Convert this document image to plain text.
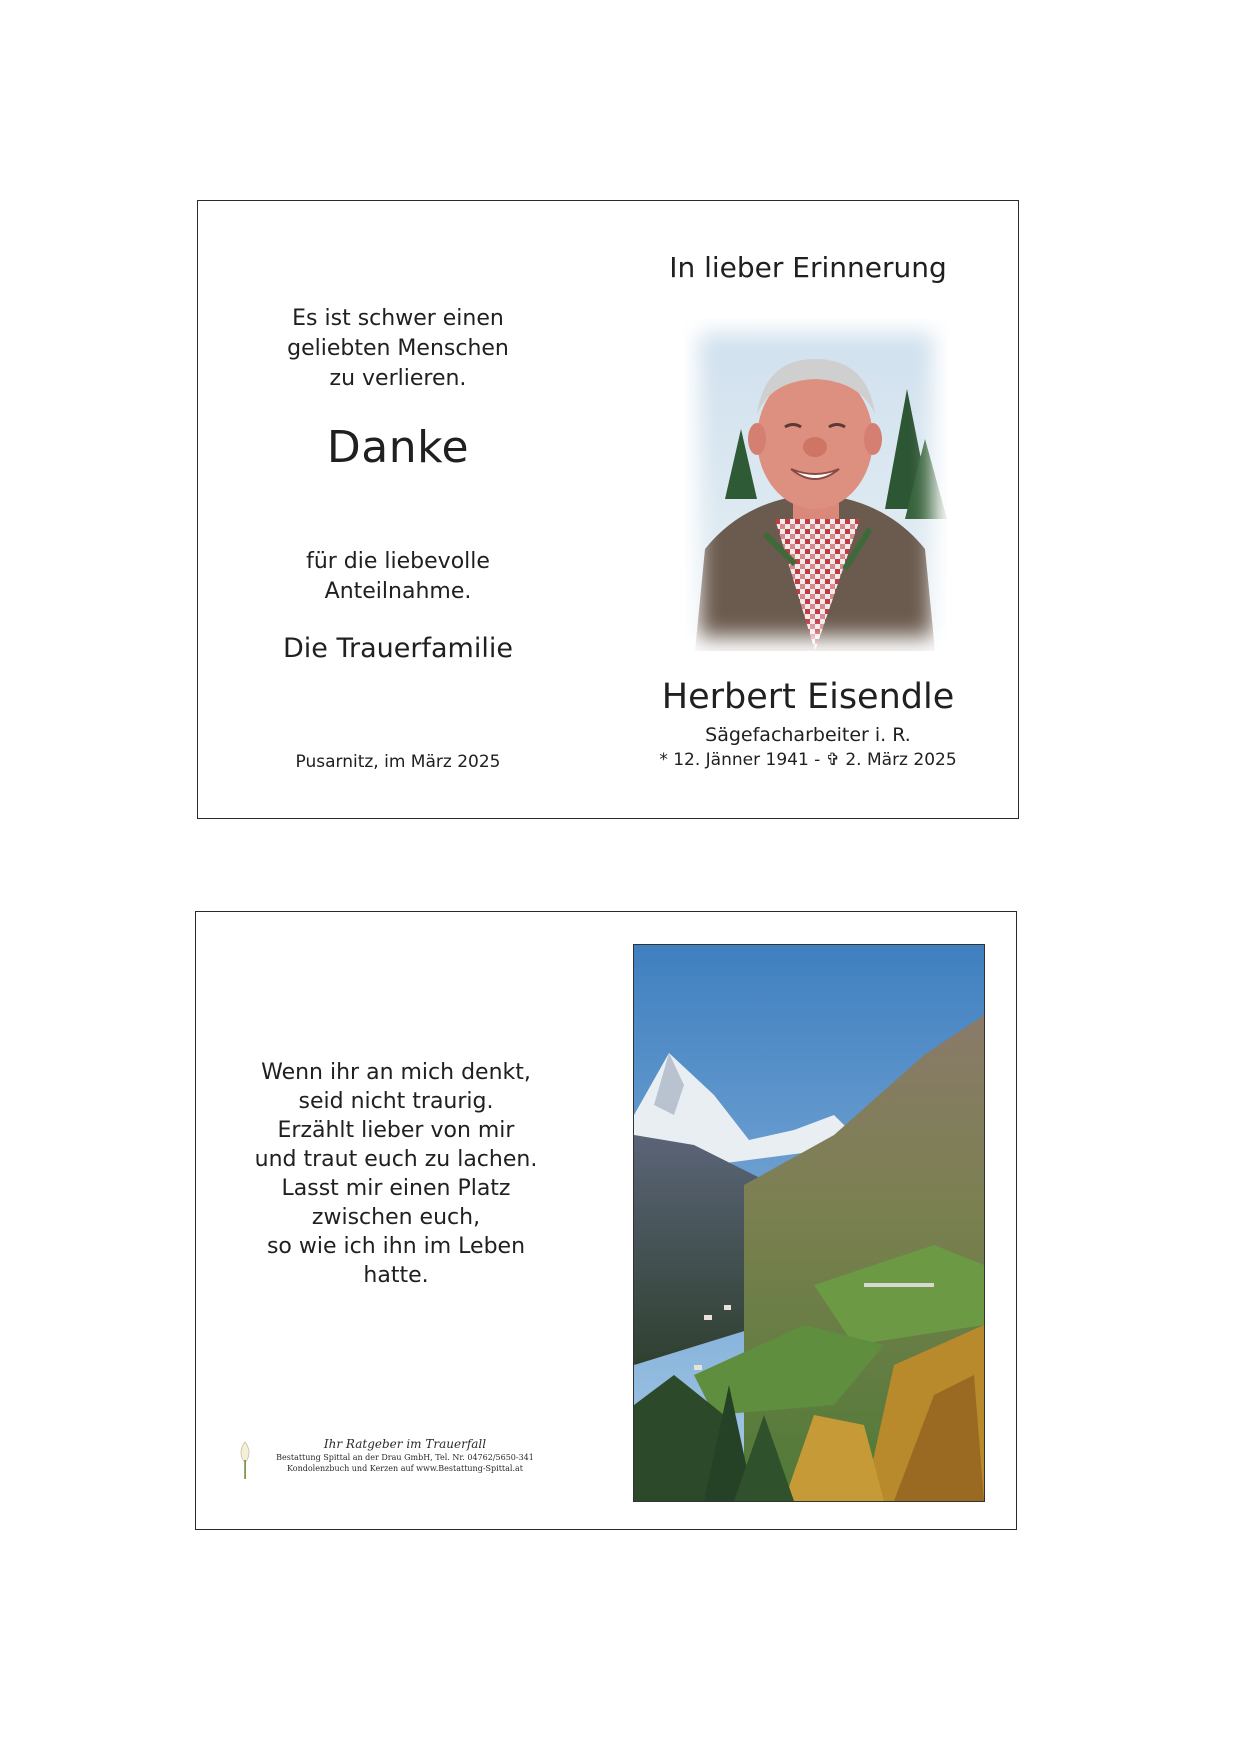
Es ist schwer einen
geliebten Menschen
zu verlieren.
Danke
für die liebevolle
Anteilnahme.
Die Trauerfamilie
Pusarnitz, im März 2025
In lieber Erinnerung
Herbert Eisendle
Sägefacharbeiter i. R.
* 12. Jänner 1941 - ✞ 2. März 2025
Wenn ihr an mich denkt,
seid nicht traurig.
Erzählt lieber von mir
und traut euch zu lachen.
Lasst mir einen Platz
zwischen euch,
so wie ich ihn im Leben hatte.
Ihr Ratgeber im Trauerfall
Bestattung Spittal an der Drau GmbH, Tel. Nr. 04762/5650-341
Kondolenzbuch und Kerzen auf www.Bestattung-Spittal.at
